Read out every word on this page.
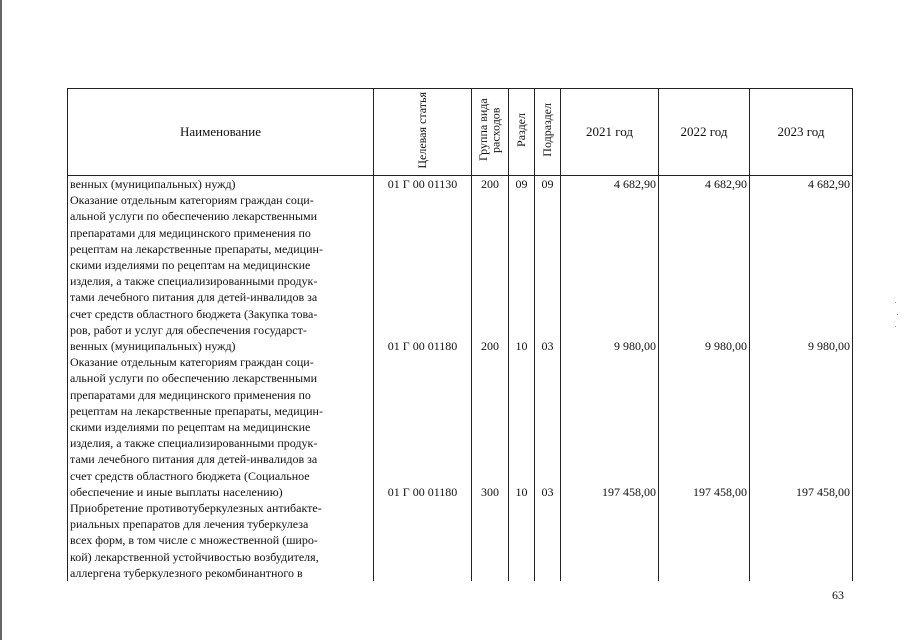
Наименование	Целевая статья	Группа вида расходов	Раздел	Подраздел	2021 год	2022 год	2023 год
венных (муниципальных) нужд)	01 Г 00 01130	200	09	09	4 682,90	4 682,90	4 682,90
Оказание отдельным категориям граждан соци-							
альной услуги по обеспечению лекарственными							
препаратами для медицинского применения по							
рецептам на лекарственные препараты, медицин-							
скими изделиями по рецептам на медицинские							
изделия, а также специализированными продук-							
тами лечебного питания для детей-инвалидов за							
счет средств областного бюджета (Закупка това-							
ров, работ и услуг для обеспечения государст-							
венных (муниципальных) нужд)	01 Г 00 01180	200	10	03	9 980,00	9 980,00	9 980,00
Оказание отдельным категориям граждан соци-							
альной услуги по обеспечению лекарственными							
препаратами для медицинского применения по							
рецептам на лекарственные препараты, медицин-							
скими изделиями по рецептам на медицинские							
изделия, а также специализированными продук-							
тами лечебного питания для детей-инвалидов за							
счет средств областного бюджета (Социальное							
обеспечение и иные выплаты населению)	01 Г 00 01180	300	10	03	197 458,00	197 458,00	197 458,00
Приобретение противотуберкулезных антибакте-							
риальных препаратов для лечения туберкулеза							
всех форм, в том числе с множественной (широ-							
кой) лекарственной устойчивостью возбудителя,							
аллергена туберкулезного рекомбинантного в							
63
